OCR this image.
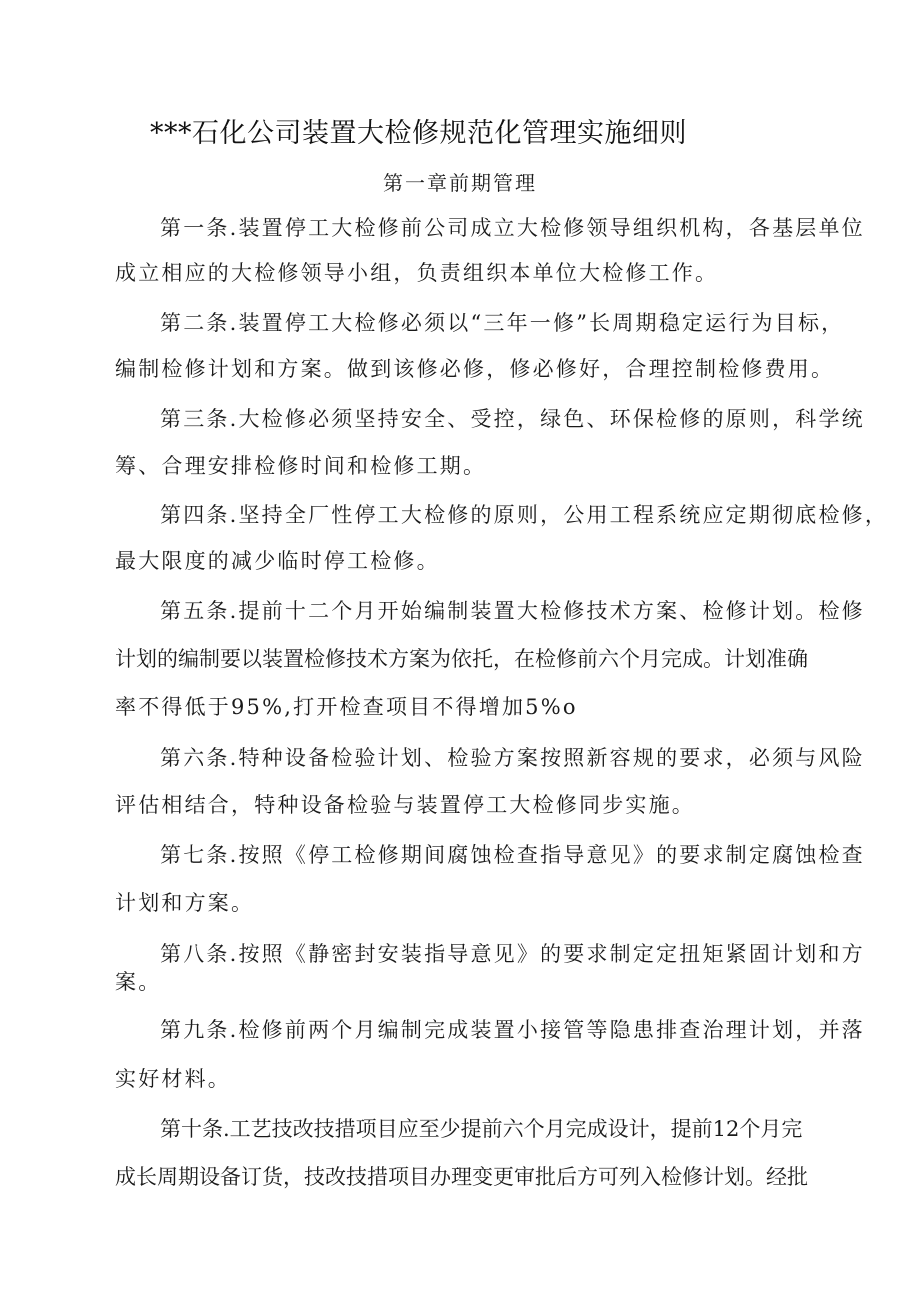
***石化公司装置大检修规范化管理实施细则
第一章前期管理
第一条.装置停工大检修前公司成立大检修领导组织机构，各基层单位
成立相应的大检修领导小组，负责组织本单位大检修工作。
第二条.装置停工大检修必须以“三年一修”长周期稳定运行为目标，
编制检修计划和方案。做到该修必修，修必修好，合理控制检修费用。
第三条.大检修必须坚持安全、受控，绿色、环保检修的原则，科学统
筹、合理安排检修时间和检修工期。
第四条.坚持全厂性停工大检修的原则，公用工程系统应定期彻底检修，
最大限度的减少临时停工检修。
第五条.提前十二个月开始编制装置大检修技术方案、检修计划。检修
计划的编制要以装置检修技术方案为依托，在检修前六个月完成。计划准确
率不得低于95%,打开检查项目不得增加5%o
第六条.特种设备检验计划、检验方案按照新容规的要求，必须与风险
评估相结合，特种设备检验与装置停工大检修同步实施。
第七条.按照《停工检修期间腐蚀检查指导意见》的要求制定腐蚀检查
计划和方案。
第八条.按照《静密封安装指导意见》的要求制定定扭矩紧固计划和方
案。
第九条.检修前两个月编制完成装置小接管等隐患排查治理计划，并落
实好材料。
第十条.工艺技改技措项目应至少提前六个月完成设计，提前12个月完
成长周期设备订货，技改技措项目办理变更审批后方可列入检修计划。经批
